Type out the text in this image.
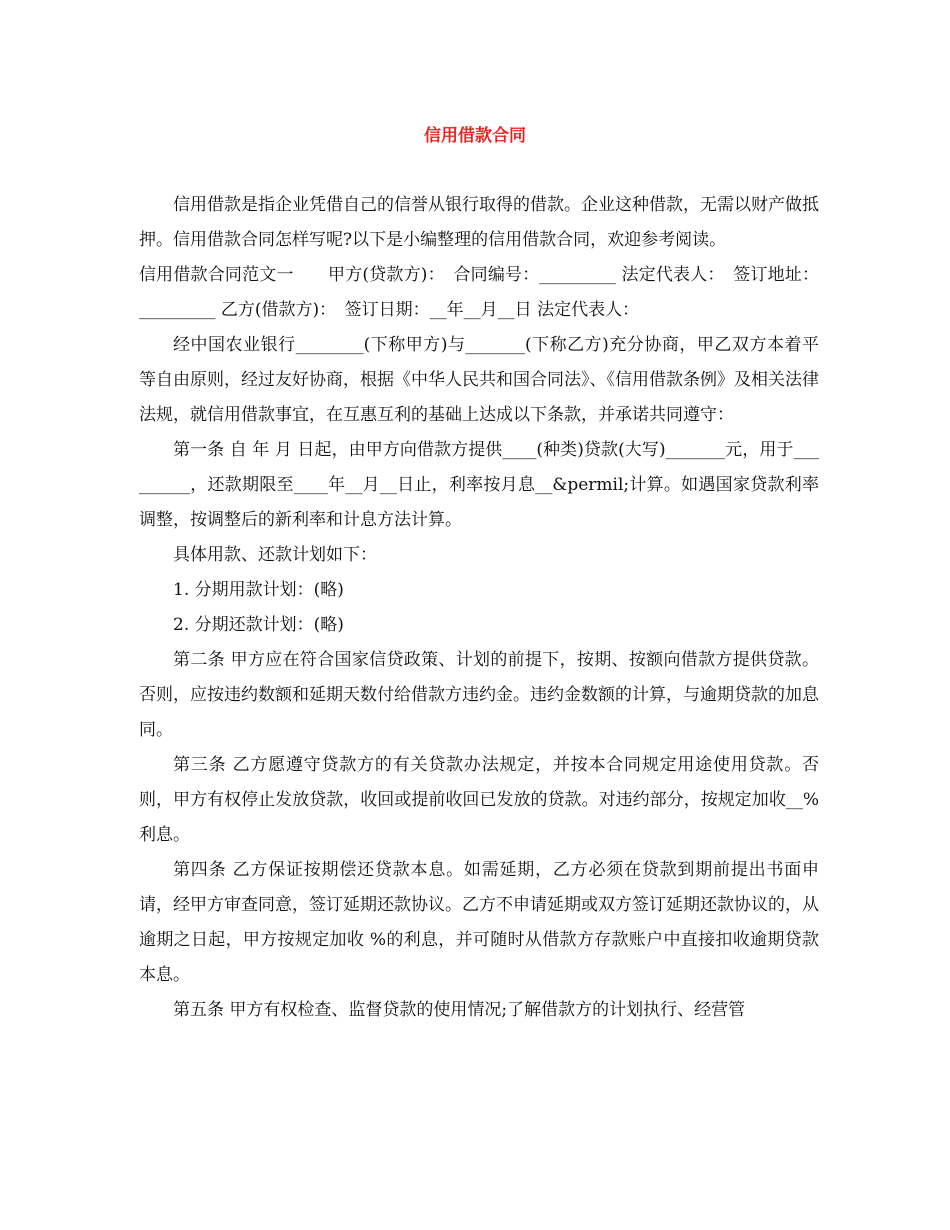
信用借款合同

信用借款是指企业凭借自己的信誉从银行取得的借款。企业这种借款，无需以财产做抵押。信用借款合同怎样写呢?以下是小编整理的信用借款合同，欢迎参考阅读。

信用借款合同范文一　　甲方(贷款方)：　合同编号：_________ 法定代表人：　签订地址：_________ 乙方(借款方)：　签订日期：__年__月__日 法定代表人：

经中国农业银行________(下称甲方)与_______(下称乙方)充分协商，甲乙双方本着平等自由原则，经过友好协商，根据《中华人民共和国合同法》、《信用借款条例》及相关法律法规，就信用借款事宜，在互惠互利的基础上达成以下条款，并承诺共同遵守：

第一条 自 年 月 日起，由甲方向借款方提供____(种类)贷款(大写)_______元，用于_________，还款期限至____年__月__日止，利率按月息__&permil;计算。如遇国家贷款利率调整，按调整后的新利率和计息方法计算。

具体用款、还款计划如下：

1. 分期用款计划：(略)

2. 分期还款计划：(略)

第二条 甲方应在符合国家信贷政策、计划的前提下，按期、按额向借款方提供贷款。否则，应按违约数额和延期天数付给借款方违约金。违约金数额的计算，与逾期贷款的加息同。

第三条 乙方愿遵守贷款方的有关贷款办法规定，并按本合同规定用途使用贷款。否则，甲方有权停止发放贷款，收回或提前收回已发放的贷款。对违约部分，按规定加收__%利息。

第四条 乙方保证按期偿还贷款本息。如需延期，乙方必须在贷款到期前提出书面申请，经甲方审查同意，签订延期还款协议。乙方不申请延期或双方签订延期还款协议的，从逾期之日起，甲方按规定加收 %的利息，并可随时从借款方存款账户中直接扣收逾期贷款本息。

第五条 甲方有权检查、监督贷款的使用情况;了解借款方的计划执行、经营管
